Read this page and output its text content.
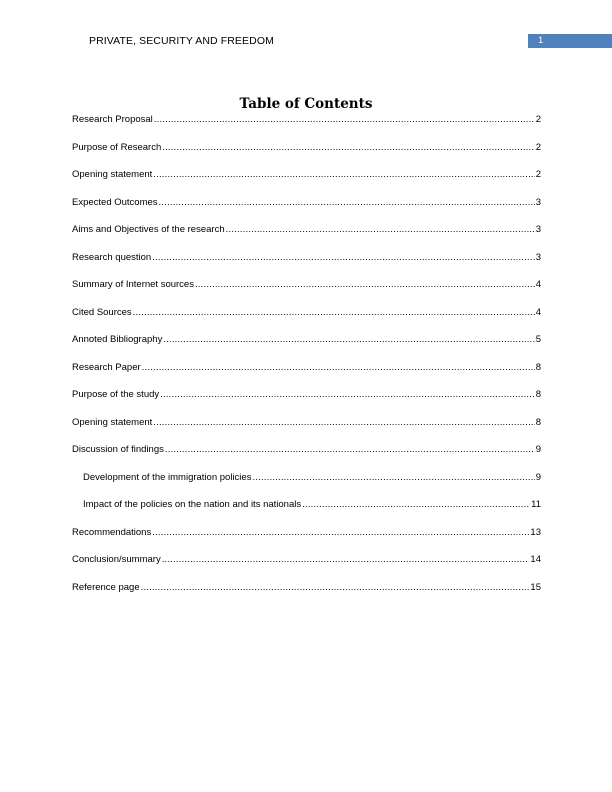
PRIVATE, SECURITY AND FREEDOM	1
Table of Contents
Research Proposal .....	2
Purpose of Research .....	2
Opening statement .....	2
Expected Outcomes .....	3
Aims and Objectives of the research .....	3
Research question .....	3
Summary of Internet sources .....	4
Cited Sources .....	4
Annoted Bibliography .....	5
Research Paper .....	8
Purpose of the study .....	8
Opening statement .....	8
Discussion of findings .....	9
Development of the immigration policies .....	9
Impact of the policies on the nation and its nationals .....	11
Recommendations .....	13
Conclusion/summary .....	14
Reference page .....	15
